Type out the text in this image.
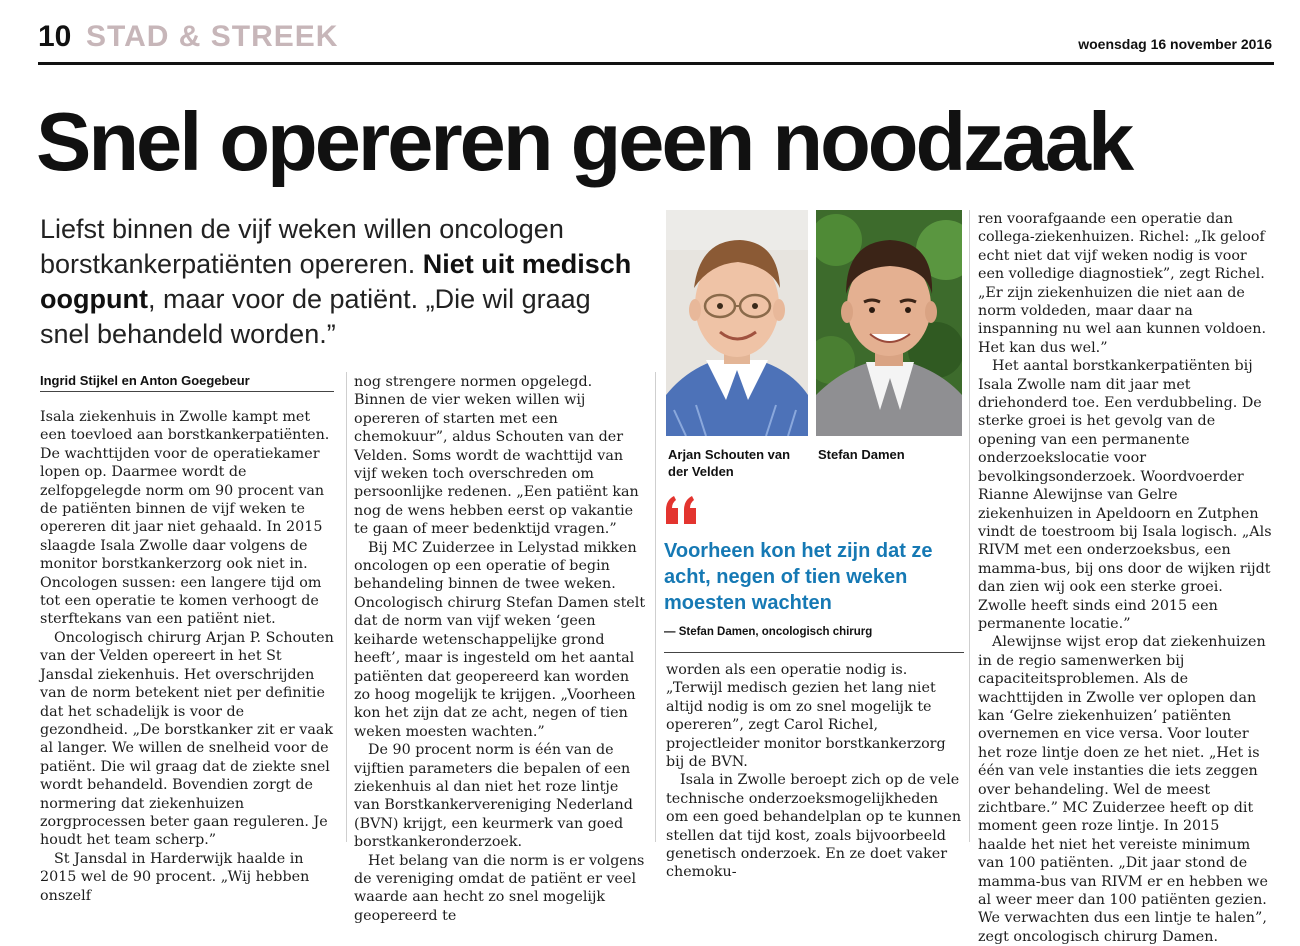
10 STAD & STREEK	woensdag 16 november 2016
Snel opereren geen noodzaak
Liefst binnen de vijf weken willen oncologen borstkankerpatiënten opereren. Niet uit medisch oogpunt, maar voor de patiënt. „Die wil graag snel behandeld worden.”
Ingrid Stijkel en Anton Goegebeur

Isala ziekenhuis in Zwolle kampt met een toevloed aan borstkankerpatiënten. De wachttijden voor de operatiekamer lopen op. Daarmee wordt de zelfopgelegde norm om 90 procent van de patiënten binnen de vijf weken te opereren dit jaar niet gehaald. In 2015 slaagde Isala Zwolle daar volgens de monitor borstkankerzorg ook niet in. Oncologen sussen: een langere tijd om tot een operatie te komen verhoogt de sterftekans van een patiënt niet.

Oncologisch chirurg Arjan P. Schouten van der Velden opereert in het St Jansdal ziekenhuis. Het overschrijden van de norm betekent niet per definitie dat het schadelijk is voor de gezondheid. „De borstkanker zit er vaak al langer. We willen de snelheid voor de patiënt. Die wil graag dat de ziekte snel wordt behandeld. Bovendien zorgt de normering dat ziekenhuizen zorgprocessen beter gaan reguleren. Je houdt het team scherp.”

St Jansdal in Harderwijk haalde in 2015 wel de 90 procent. „Wij hebben onszelf

nog strengere normen opgelegd. Binnen de vier weken willen wij opereren of starten met een chemokuur”, aldus Schouten van der Velden. Soms wordt de wachttijd van vijf weken toch overschreden om persoonlijke redenen. „Een patiënt kan nog de wens hebben eerst op vakantie te gaan of meer bedenktijd vragen.”

Bij MC Zuiderzee in Lelystad mikken oncologen op een operatie of begin behandeling binnen de twee weken. Oncologisch chirurg Stefan Damen stelt dat de norm van vijf weken ‘geen keiharde wetenschappelijke grond heeft’, maar is ingesteld om het aantal patiënten dat geopereerd kan worden zo hoog mogelijk te krijgen. „Voorheen kon het zijn dat ze acht, negen of tien weken moesten wachten.”

De 90 procent norm is één van de vijftien parameters die bepalen of een ziekenhuis al dan niet het roze lintje van Borstkankervereniging Nederland (BVN) krijgt, een keurmerk van goed borstkankeronderzoek.

Het belang van die norm is er volgens de vereniging omdat de patiënt er veel waarde aan hecht zo snel mogelijk geopereerd te

Arjan Schouten van der Velden
Stefan Damen
Voorheen kon het zijn dat ze acht, negen of tien weken moesten wachten
— Stefan Damen, oncologisch chirurg

worden als een operatie nodig is. „Terwijl medisch gezien het lang niet altijd nodig is om zo snel mogelijk te opereren”, zegt Carol Richel, projectleider monitor borstkankerzorg bij de BVN.

Isala in Zwolle beroept zich op de vele technische onderzoeksmogelijkheden om een goed behandelplan op te kunnen stellen dat tijd kost, zoals bijvoorbeeld genetisch onderzoek. En ze doet vaker chemoku-

ren voorafgaande een operatie dan collega-ziekenhuizen. Richel: „Ik geloof echt niet dat vijf weken nodig is voor een volledige diagnostiek”, zegt Richel. „Er zijn ziekenhuizen die niet aan de norm voldeden, maar daar na inspanning nu wel aan kunnen voldoen. Het kan dus wel.”

Het aantal borstkankerpatiënten bij Isala Zwolle nam dit jaar met driehonderd toe. Een verdubbeling. De sterke groei is het gevolg van de opening van een permanente onderzoekslocatie voor bevolkingsonderzoek. Woordvoerder Rianne Alewijnse van Gelre ziekenhuizen in Apeldoorn en Zutphen vindt de toestroom bij Isala logisch. „Als RIVM met een onderzoeksbus, een mamma-bus, bij ons door de wijken rijdt dan zien wij ook een sterke groei. Zwolle heeft sinds eind 2015 een permanente locatie.”

Alewijnse wijst erop dat ziekenhuizen in de regio samenwerken bij capaciteitsproblemen. Als de wachttijden in Zwolle ver oplopen dan kan ‘Gelre ziekenhuizen’ patiënten overnemen en vice versa. Voor louter het roze lintje doen ze het niet. „Het is één van vele instanties die iets zeggen over behandeling. Wel de meest zichtbare.” MC Zuiderzee heeft op dit moment geen roze lintje. In 2015 haalde het niet het vereiste minimum van 100 patiënten. „Dit jaar stond de mamma-bus van RIVM er en hebben we al weer meer dan 100 patiënten gezien. We verwachten dus een lintje te halen”, zegt oncologisch chirurg Damen.
